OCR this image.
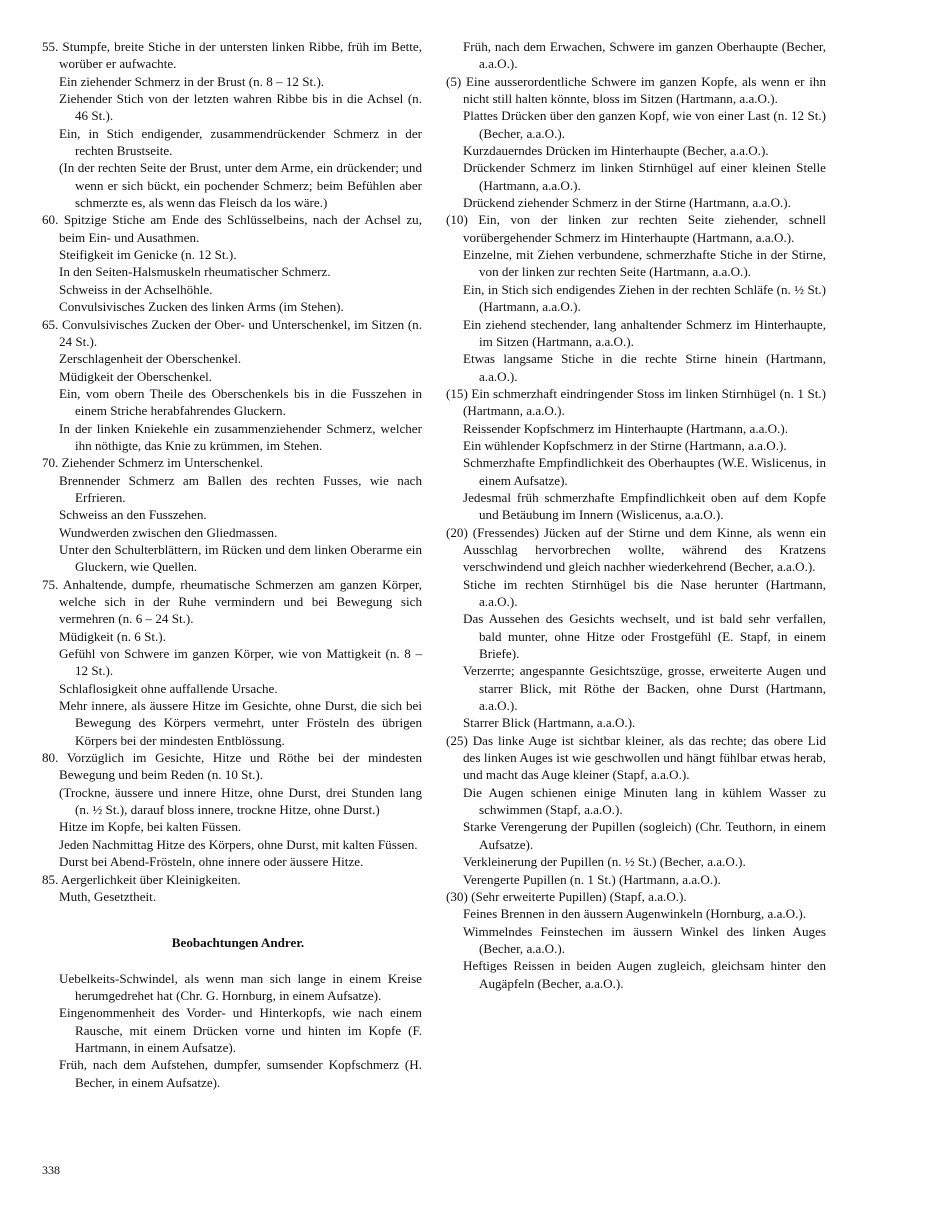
55. Stumpfe, breite Stiche in der untersten linken Ribbe, früh im Bette, worüber er aufwachte.
Ein ziehender Schmerz in der Brust (n. 8 – 12 St.).
Ziehender Stich von der letzten wahren Ribbe bis in die Achsel (n. 46 St.).
Ein, in Stich endigender, zusammendrückender Schmerz in der rechten Brustseite.
(In der rechten Seite der Brust, unter dem Arme, ein drückender; und wenn er sich bückt, ein pochender Schmerz; beim Befühlen aber schmerzte es, als wenn das Fleisch da los wäre.)
60. Spitzige Stiche am Ende des Schlüsselbeins, nach der Achsel zu, beim Ein- und Ausathmen.
Steifigkeit im Genicke (n. 12 St.).
In den Seiten-Halsmuskeln rheumatischer Schmerz.
Schweiss in der Achselhöhle.
Convulsivisches Zucken des linken Arms (im Stehen).
65. Convulsivisches Zucken der Ober- und Unterschenkel, im Sitzen (n. 24 St.).
Zerschlagenheit der Oberschenkel.
Müdigkeit der Oberschenkel.
Ein, vom obern Theile des Oberschenkels bis in die Fusszehen in einem Striche herabfahrendes Gluckern.
In der linken Kniekehle ein zusammenziehender Schmerz, welcher ihn nöthigte, das Knie zu krümmen, im Stehen.
70. Ziehender Schmerz im Unterschenkel.
Brennender Schmerz am Ballen des rechten Fusses, wie nach Erfrieren.
Schweiss an den Fusszehen.
Wundwerden zwischen den Gliedmassen.
Unter den Schulterblättern, im Rücken und dem linken Oberarme ein Gluckern, wie Quellen.
75. Anhaltende, dumpfe, rheumatische Schmerzen am ganzen Körper, welche sich in der Ruhe vermindern und bei Bewegung sich vermehren (n. 6 – 24 St.).
Müdigkeit (n. 6 St.).
Gefühl von Schwere im ganzen Körper, wie von Mattigkeit (n. 8 – 12 St.).
Schlaflosigkeit ohne auffallende Ursache.
Mehr innere, als äussere Hitze im Gesichte, ohne Durst, die sich bei Bewegung des Körpers vermehrt, unter Frösteln des übrigen Körpers bei der mindesten Entblössung.
80. Vorzüglich im Gesichte, Hitze und Röthe bei der mindesten Bewegung und beim Reden (n. 10 St.).
(Trockne, äussere und innere Hitze, ohne Durst, drei Stunden lang (n. ½ St.), darauf bloss innere, trockne Hitze, ohne Durst.)
Hitze im Kopfe, bei kalten Füssen.
Jeden Nachmittag Hitze des Körpers, ohne Durst, mit kalten Füssen.
Durst bei Abend-Frösteln, ohne innere oder äussere Hitze.
85. Aergerlichkeit über Kleinigkeiten.
Muth, Gesetztheit.
Beobachtungen Andrer.
Uebelkeits-Schwindel, als wenn man sich lange in einem Kreise herumgedrehet hat (Chr. G. Hornburg, in einem Aufsatze).
Eingenommenheit des Vorder- und Hinterkopfs, wie nach einem Rausche, mit einem Drücken vorne und hinten im Kopfe (F. Hartmann, in einem Aufsatze).
Früh, nach dem Aufstehen, dumpfer, sumsender Kopfschmerz (H. Becher, in einem Aufsatze).
Früh, nach dem Erwachen, Schwere im ganzen Oberhaupte (Becher, a.a.O.).
(5) Eine ausserordentliche Schwere im ganzen Kopfe, als wenn er ihn nicht still halten könnte, bloss im Sitzen (Hartmann, a.a.O.).
Plattes Drücken über den ganzen Kopf, wie von einer Last (n. 12 St.) (Becher, a.a.O.).
Kurzdauerndes Drücken im Hinterhaupte (Becher, a.a.O.).
Drückender Schmerz im linken Stirnhügel auf einer kleinen Stelle (Hartmann, a.a.O.).
Drückend ziehender Schmerz in der Stirne (Hartmann, a.a.O.).
(10) Ein, von der linken zur rechten Seite ziehender, schnell vorübergehender Schmerz im Hinterhaupte (Hartmann, a.a.O.).
Einzelne, mit Ziehen verbundene, schmerzhafte Stiche in der Stirne, von der linken zur rechten Seite (Hartmann, a.a.O.).
Ein, in Stich sich endigendes Ziehen in der rechten Schläfe (n. ½ St.) (Hartmann, a.a.O.).
Ein ziehend stechender, lang anhaltender Schmerz im Hinterhaupte, im Sitzen (Hartmann, a.a.O.).
Etwas langsame Stiche in die rechte Stirne hinein (Hartmann, a.a.O.).
(15) Ein schmerzhaft eindringender Stoss im linken Stirnhügel (n. 1 St.) (Hartmann, a.a.O.).
Reissender Kopfschmerz im Hinterhaupte (Hartmann, a.a.O.).
Ein wühlender Kopfschmerz in der Stirne (Hartmann, a.a.O.).
Schmerzhafte Empfindlichkeit des Oberhauptes (W.E. Wislicenus, in einem Aufsatze).
Jedesmal früh schmerzhafte Empfindlichkeit oben auf dem Kopfe und Betäubung im Innern (Wislicenus, a.a.O.).
(20) (Fressendes) Jücken auf der Stirne und dem Kinne, als wenn ein Ausschlag hervorbrechen wollte, während des Kratzens verschwindend und gleich nachher wiederkehrend (Becher, a.a.O.).
Stiche im rechten Stirnhügel bis die Nase herunter (Hartmann, a.a.O.).
Das Aussehen des Gesichts wechselt, und ist bald sehr verfallen, bald munter, ohne Hitze oder Frostgefühl (E. Stapf, in einem Briefe).
Verzerrte; angespannte Gesichtszüge, grosse, erweiterte Augen und starrer Blick, mit Röthe der Backen, ohne Durst (Hartmann, a.a.O.).
Starrer Blick (Hartmann, a.a.O.).
(25) Das linke Auge ist sichtbar kleiner, als das rechte; das obere Lid des linken Auges ist wie geschwollen und hängt fühlbar etwas herab, und macht das Auge kleiner (Stapf, a.a.O.).
Die Augen schienen einige Minuten lang in kühlem Wasser zu schwimmen (Stapf, a.a.O.).
Starke Verengerung der Pupillen (sogleich) (Chr. Teuthorn, in einem Aufsatze).
Verkleinerung der Pupillen (n. ½ St.) (Becher, a.a.O.).
Verengerte Pupillen (n. 1 St.) (Hartmann, a.a.O.).
(30) (Sehr erweiterte Pupillen) (Stapf, a.a.O.).
Feines Brennen in den äussern Augenwinkeln (Hornburg, a.a.O.).
Wimmelndes Feinstechen im äussern Winkel des linken Auges (Becher, a.a.O.).
Heftiges Reissen in beiden Augen zugleich, gleichsam hinter den Augäpfeln (Becher, a.a.O.).
338
